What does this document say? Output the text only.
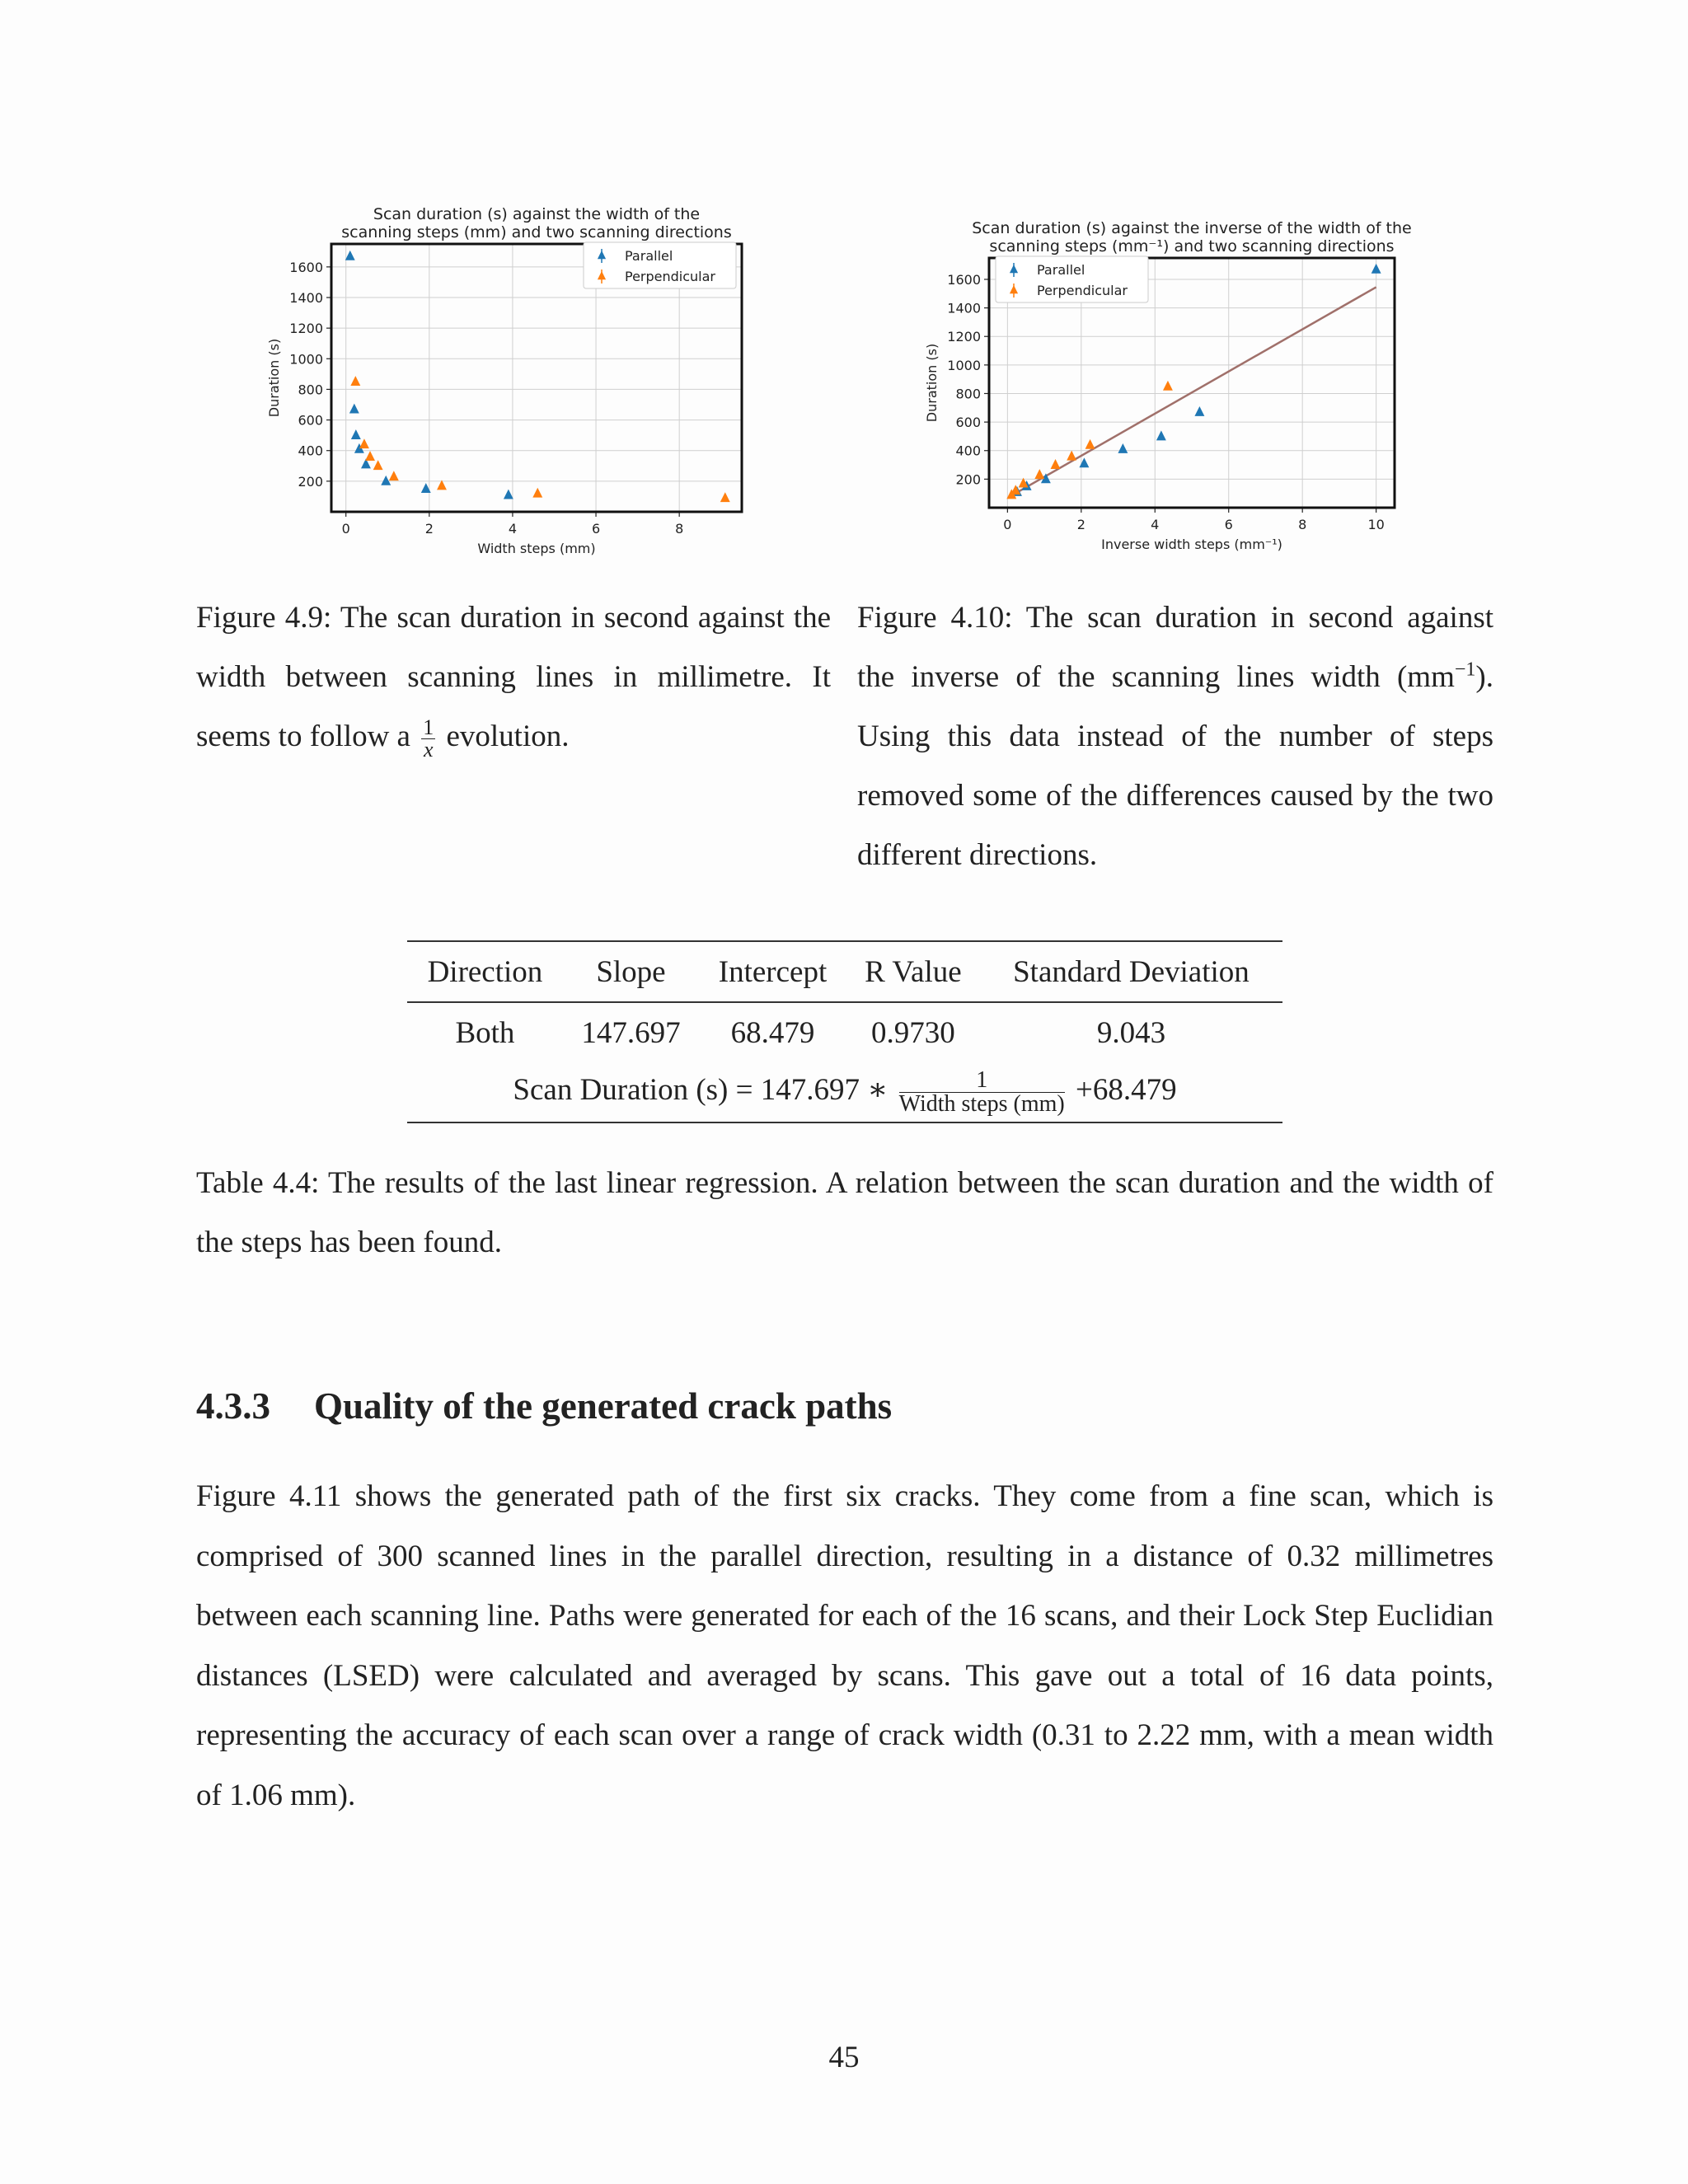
Scan duration (s) against the width of the
scanning steps (mm) and two scanning directions
0	2	4	6	8
200
400
600
800
1000
1200
1400
1600
Width steps (mm)
Duration (s)
Parallel
Perpendicular
Scan duration (s) against the inverse of the width of the
scanning steps (mm⁻¹) and two scanning directions
0	2	4	6	8	10
200
400
600
800
1000
1200
1400
1600
Inverse width steps (mm⁻¹)
Duration (s)
Parallel
Perpendicular
Figure 4.9: The scan duration in second against the width between scanning lines in millimetre. It seems to follow a $\frac{1}{x}$ evolution.
Figure 4.10: The scan duration in second against the inverse of the scanning lines width $(mm^{-1})$. Using this data instead of the number of steps removed some of the differences caused by the two different directions.
Direction	Slope	Intercept	R Value	Standard Deviation
Both	147.697	68.479	0.9730	9.043
Scan Duration (s) = 147.697 ∗ $\frac{1}{\text{Width steps (mm)}} +68.479$				
Table 4.4: The results of the last linear regression. A relation between the scan duration and the width of the steps has been found.
4.3.3 Quality of the generated crack paths

Figure 4.11 shows the generated path of the first six cracks. They come from a fine scan, which is comprised of 300 scanned lines in the parallel direction, resulting in a distance of 0.32 millimetres between each scanning line. Paths were generated for each of the 16 scans, and their Lock Step Euclidian distances (LSED) were calculated and averaged by scans. This gave out a total of 16 data points, representing the accuracy of each scan over a range of crack width (0.31 to 2.22 mm, with a mean width of 1.06 mm).

45
